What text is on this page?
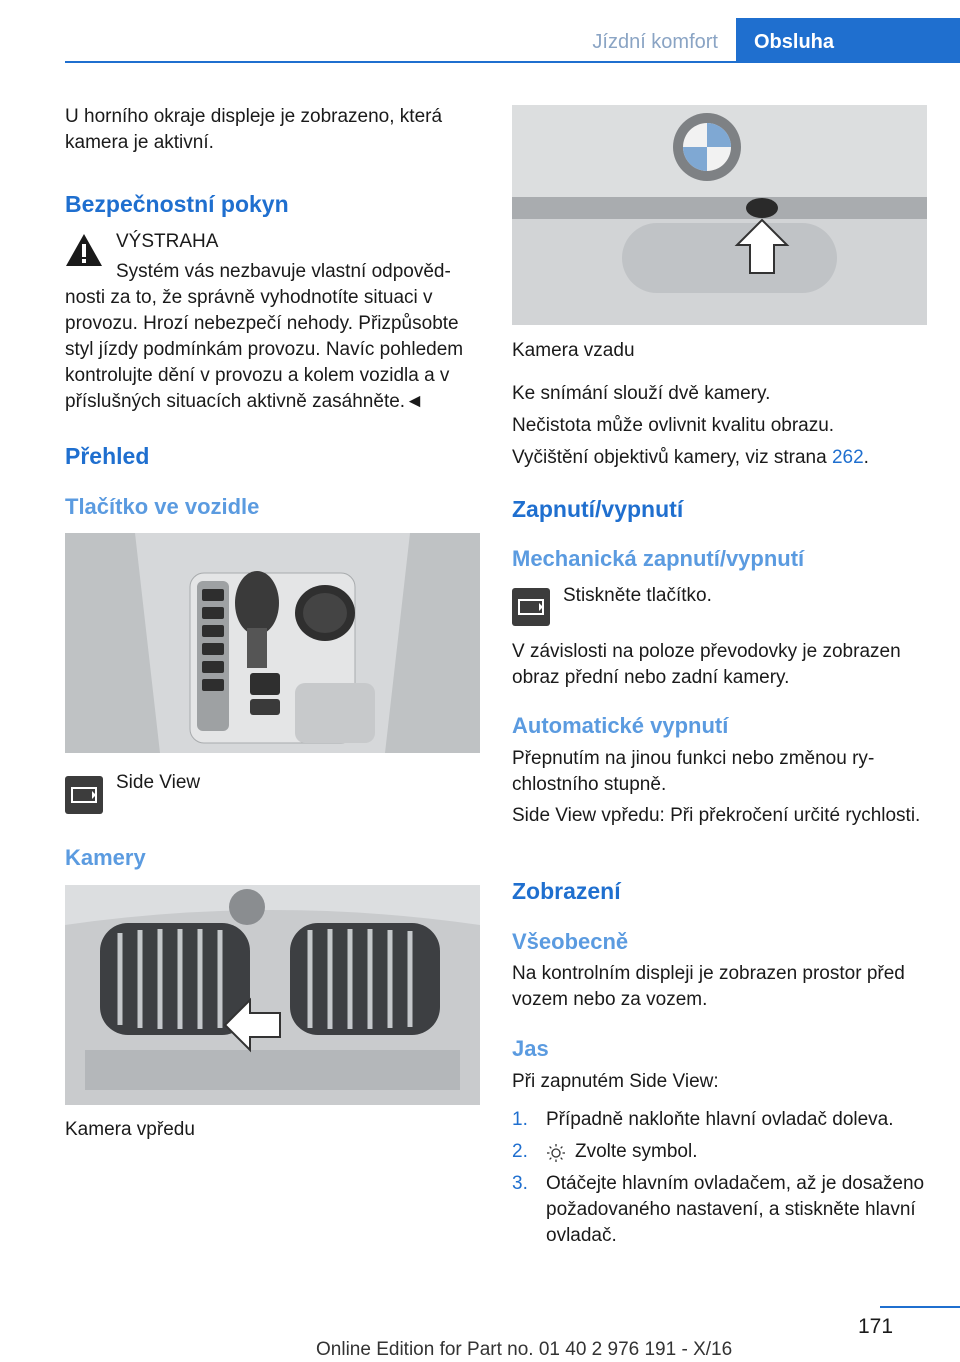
Jízdní komfort	Obsluha
U horního okraje displeje je zobrazeno, která kamera je aktivní.
Bezpečnostní pokyn
VÝSTRAHA
Systém vás nezbavuje vlastní odpovědnosti za to, že správně vyhodnotíte situaci v provozu. Hrozí nebezpečí nehody. Přizpůsobte styl jízdy podmínkám provozu. Navíc pohledem kontrolujte dění v provozu a kolem vozidla a v příslušných situacích aktivně zasáhněte.◄
Přehled
Tlačítko ve vozidle
Side View
Kamery
Kamera vpředu
Kamera vzadu
Ke snímání slouží dvě kamery.
Nečistota může ovlivnit kvalitu obrazu.
Vyčištění objektivů kamery, viz strana 262.
Zapnutí/vypnutí
Mechanická zapnutí/vypnutí
Stiskněte tlačítko.
V závislosti na poloze převodovky je zobrazen obraz přední nebo zadní kamery.
Automatické vypnutí
Přepnutím na jinou funkci nebo změnou rychlostního stupně.
Side View vpředu: Při překročení určité rychlosti.
Zobrazení
Všeobecně
Na kontrolním displeji je zobrazen prostor před vozem nebo za vozem.
Jas
Při zapnutém Side View:
1. Případně nakloňte hlavní ovladač doleva.
2. Zvolte symbol.
3. Otáčejte hlavním ovladačem, až je dosaženo požadovaného nastavení, a stiskněte hlavní ovladač.
171
Online Edition for Part no. 01 40 2 976 191 - X/16
